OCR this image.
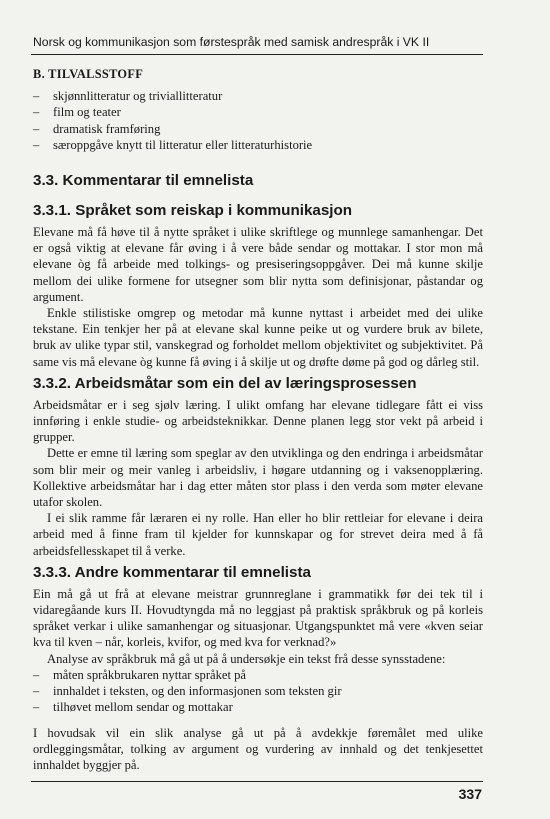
Norsk og kommunikasjon som førstespråk med samisk andrespråk i VK II
B. TILVALSSTOFF
– skjønnlitteratur og triviallitteratur
– film og teater
– dramatisk framføring
– særoppgåve knytt til litteratur eller litteraturhistorie
3.3. Kommentarar til emnelista
3.3.1. Språket som reiskap i kommunikasjon

Elevane må få høve til å nytte språket i ulike skriftlege og munnlege samanhengar. Det er også viktig at elevane får øving i å vere både sendar og mottakar. I stor mon må elevane òg få arbeide med tolkings- og presiseringsoppgåver. Dei må kunne skilje mellom dei ulike formene for utsegner som blir nytta som definisjonar, påstandar og argument.

Enkle stilistiske omgrep og metodar må kunne nyttast i arbeidet med dei ulike tekstane. Ein tenkjer her på at elevane skal kunne peike ut og vurdere bruk av bilete, bruk av ulike typar stil, vanskegrad og forholdet mellom objektivitet og subjektivitet. På same vis må elevane òg kunne få øving i å skilje ut og drøfte døme på god og dårleg stil.

3.3.2. Arbeidsmåtar som ein del av læringsprosessen

Arbeidsmåtar er i seg sjølv læring. I ulikt omfang har elevane tidlegare fått ei viss innføring i enkle studie- og arbeidsteknikkar. Denne planen legg stor vekt på arbeid i grupper.

Dette er emne til læring som speglar av den utviklinga og den endringa i arbeidsmåtar som blir meir og meir vanleg i arbeidsliv, i høgare utdanning og i vaksenopplæring. Kollektive arbeidsmåtar har i dag etter måten stor plass i den verda som møter elevane utafor skolen.

I ei slik ramme får læraren ei ny rolle. Han eller ho blir rettleiar for elevane i deira arbeid med å finne fram til kjelder for kunnskapar og for strevet deira med å få arbeidsfellesskapet til å verke.

3.3.3. Andre kommentarar til emnelista

Ein må gå ut frå at elevane meistrar grunnreglane i grammatikk før dei tek til i vidaregåande kurs II. Hovudtyngda må no leggjast på praktisk språkbruk og på korleis språket verkar i ulike samanhengar og situasjonar. Utgangspunktet må vere «kven seiar kva til kven – når, korleis, kvifor, og med kva for verknad?»

Analyse av språkbruk må gå ut på å undersøkje ein tekst frå desse synsstadene:

– måten språkbrukaren nyttar språket på
– innhaldet i teksten, og den informasjonen som teksten gir
– tilhøvet mellom sendar og mottakar

I hovudsak vil ein slik analyse gå ut på å avdekkje føremålet med ulike ordleggingsmåtar, tolking av argument og vurdering av innhald og det tenkjesettet innhaldet byggjer på.

337
